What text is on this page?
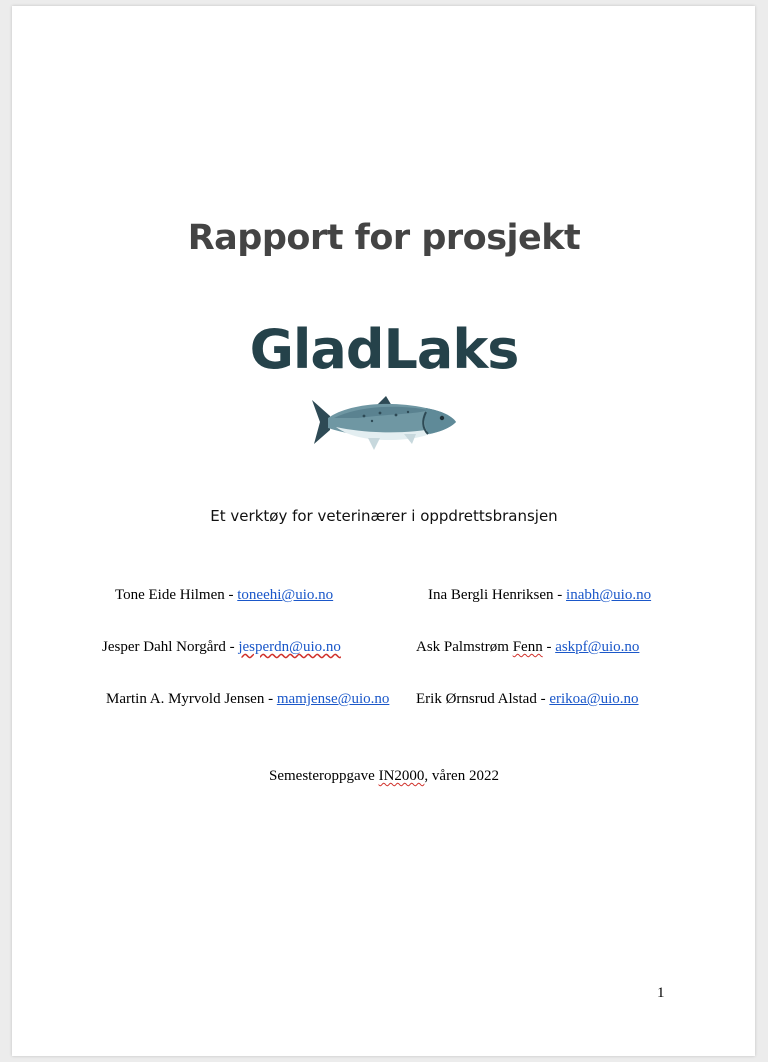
Rapport for prosjekt
GladLaks
Et verktøy for veterinærer i oppdrettsbransjen
Tone Eide Hilmen - toneehi@uio.no	Ina Bergli Henriksen - inabh@uio.no
Jesper Dahl Norgård - jesperdn@uio.no	Ask Palmstrøm Fenn - askpf@uio.no
Martin A. Myrvold Jensen - mamjense@uio.no Erik Ørnsrud Alstad - erikoa@uio.no
Semesteroppgave IN2000, våren 2022
1
